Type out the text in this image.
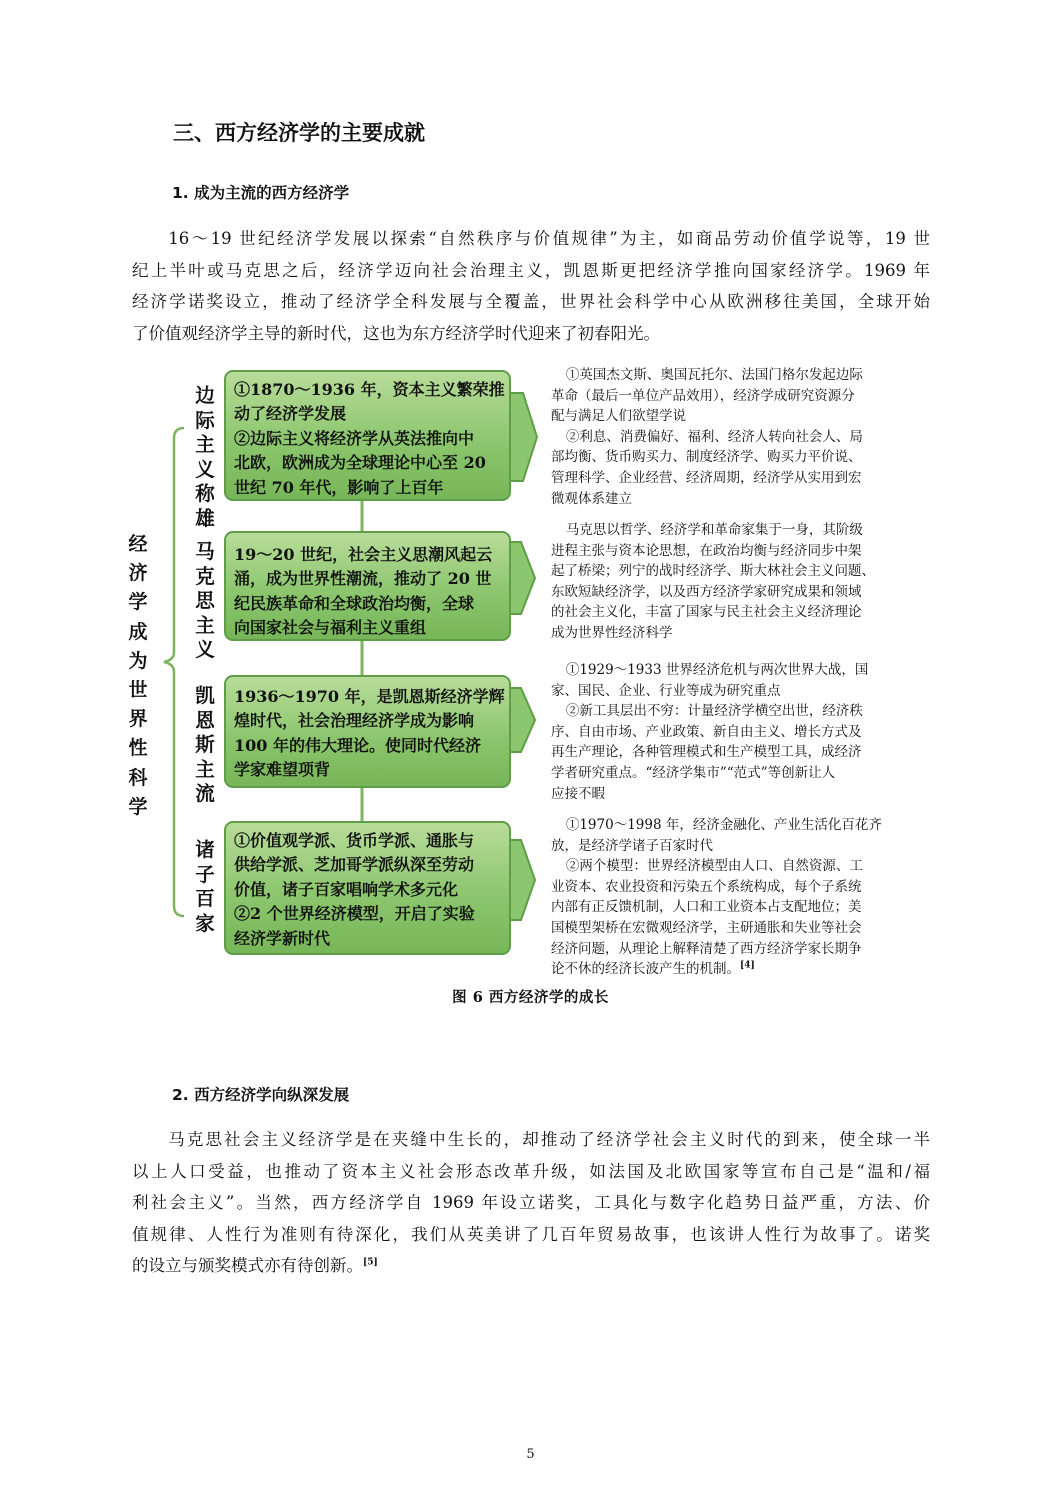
三、西方经济学的主要成就
1. 成为主流的西方经济学

16～19 世纪经济学发展以探索“自然秩序与价值规律”为主，如商品劳动价值学说等，19 世
纪上半叶或马克思之后，经济学迈向社会治理主义，凯恩斯更把经济学推向国家经济学。1969 年
经济学诺奖设立，推动了经济学全科发展与全覆盖，世界社会科学中心从欧洲移往美国，全球开始
了价值观经济学主导的新时代，这也为东方经济学时代迎来了初春阳光。

经
济
学
成
为
世
界
性
科
学
边
际
主
义
称
雄
①1870～1936 年，资本主义繁荣推
动了经济学发展
②边际主义将经济学从英法推向中
北欧，欧洲成为全球理论中心至 20
世纪 70 年代，影响了上百年
①英国杰文斯、奥国瓦托尔、法国门格尔发起边际
革命（最后一单位产品效用），经济学成研究资源分
配与满足人们欲望学说
②利息、消费偏好、福利、经济人转向社会人、局
部均衡、货币购买力、制度经济学、购买力平价说、
管理科学、企业经营、经济周期，经济学从实用到宏
微观体系建立
马
克
思
主
义
19～20 世纪，社会主义思潮风起云
涌，成为世界性潮流，推动了 20 世
纪民族革命和全球政治均衡，全球
向国家社会与福利主义重组
马克思以哲学、经济学和革命家集于一身，其阶级
进程主张与资本论思想，在政治均衡与经济同步中架
起了桥梁；列宁的战时经济学、斯大林社会主义问题、
东欧短缺经济学，以及西方经济学家研究成果和领域
的社会主义化，丰富了国家与民主社会主义经济理论
成为世界性经济科学
凯
恩
斯
主
流
1936～1970 年，是凯恩斯经济学辉
煌时代，社会治理经济学成为影响
100 年的伟大理论。使同时代经济
学家难望项背
①1929～1933 世界经济危机与两次世界大战，国
家、国民、企业、行业等成为研究重点
②新工具层出不穷：计量经济学横空出世，经济秩
序、自由市场、产业政策、新自由主义、增长方式及
再生产理论，各种管理模式和生产模型工具，成经济
学者研究重点。“经济学集市”“范式”等创新让人
应接不暇
诸
子
百
家
①价值观学派、货币学派、通胀与
供给学派、芝加哥学派纵深至劳动
价值，诸子百家唱响学术多元化
②2 个世界经济模型，开启了实验
经济学新时代
①1970～1998 年，经济金融化、产业生活化百花齐
放，是经济学诸子百家时代
②两个模型：世界经济模型由人口、自然资源、工
业资本、农业投资和污染五个系统构成，每个子系统
内部有正反馈机制，人口和工业资本占支配地位；美
国模型架桥在宏微观经济学，主研通胀和失业等社会
经济问题，从理论上解释清楚了西方经济学家长期争
论不休的经济长波产生的机制。[4]
图 6 西方经济学的成长
2. 西方经济学向纵深发展

马克思社会主义经济学是在夹缝中生长的，却推动了经济学社会主义时代的到来，使全球一半
以上人口受益，也推动了资本主义社会形态改革升级，如法国及北欧国家等宣布自己是“温和/福
利社会主义”。当然，西方经济学自 1969 年设立诺奖，工具化与数字化趋势日益严重，方法、价
值规律、人性行为准则有待深化，我们从英美讲了几百年贸易故事，也该讲人性行为故事了。诺奖
的设立与颁奖模式亦有待创新。[5]

5
